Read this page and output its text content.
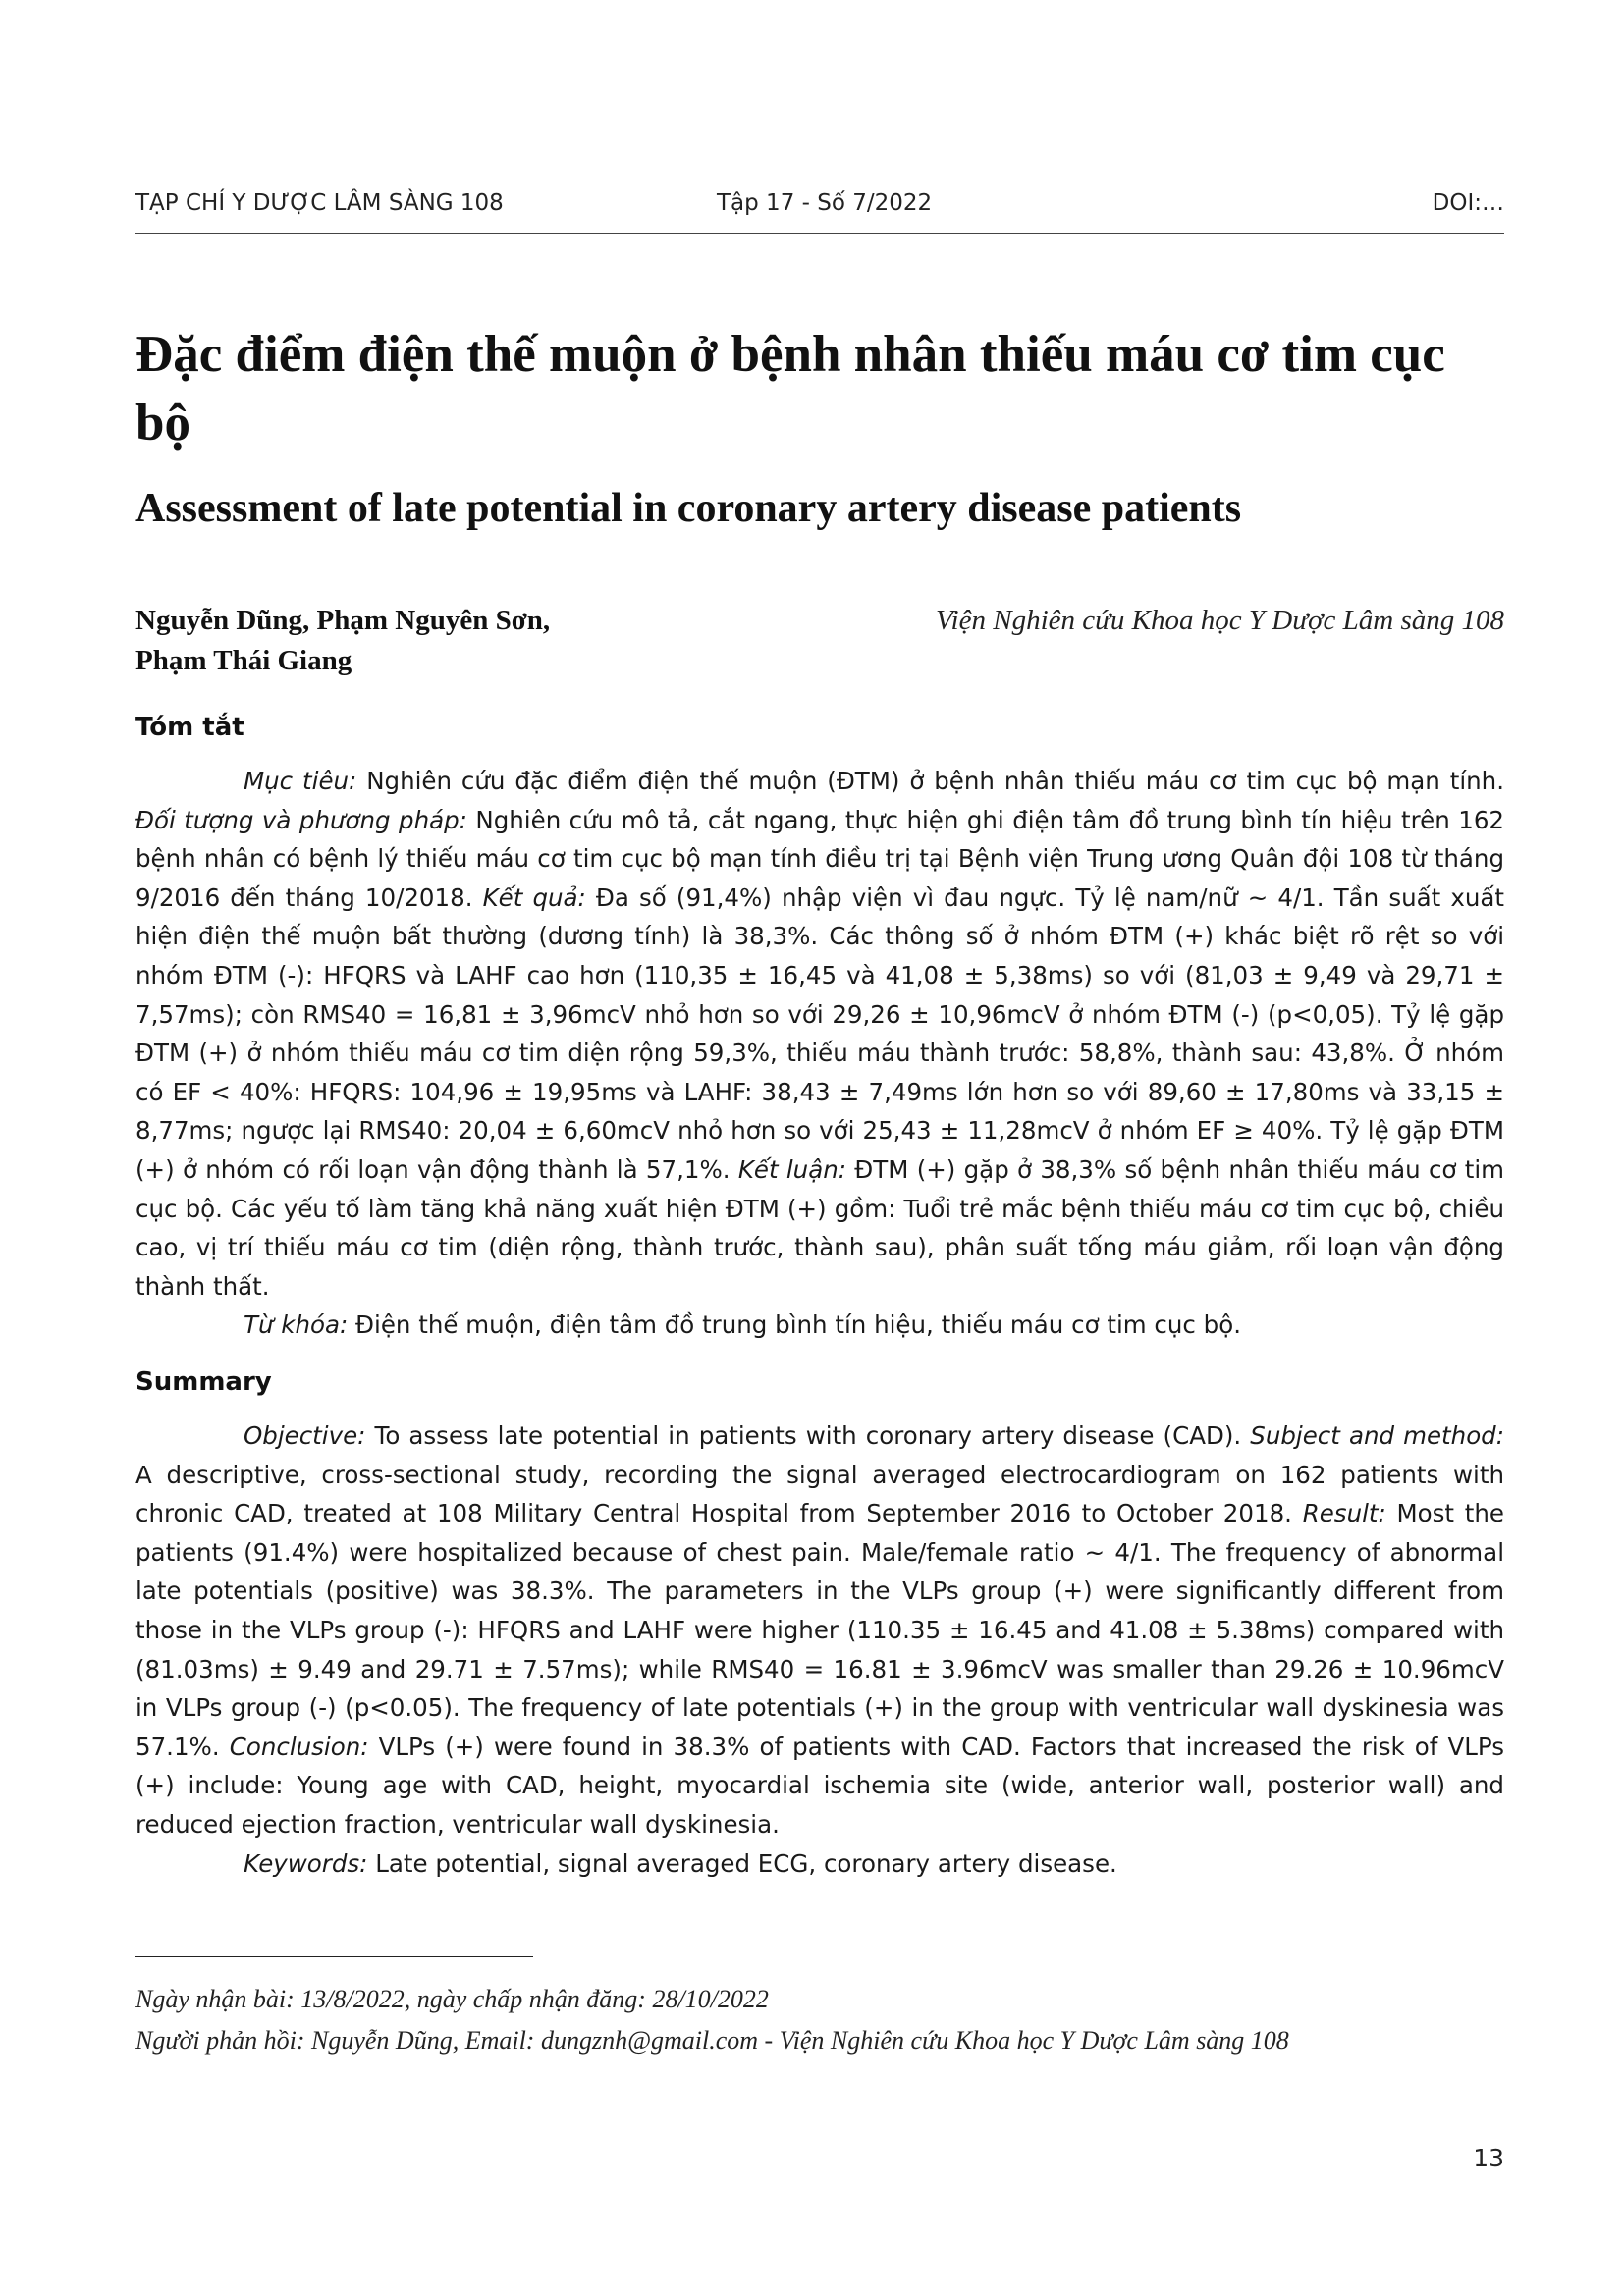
TẠP CHÍ Y DƯỢC LÂM SÀNG 108	Tập 17 - Số 7/2022	DOI:…
Đặc điểm điện thế muộn ở bệnh nhân thiếu máu cơ tim cục bộ
Assessment of late potential in coronary artery disease patients
Nguyễn Dũng, Phạm Nguyên Sơn,
Phạm Thái Giang
Viện Nghiên cứu Khoa học Y Dược Lâm sàng 108
Tóm tắt

Mục tiêu: Nghiên cứu đặc điểm điện thế muộn (ĐTM) ở bệnh nhân thiếu máu cơ tim cục bộ mạn tính. Đối tượng và phương pháp: Nghiên cứu mô tả, cắt ngang, thực hiện ghi điện tâm đồ trung bình tín hiệu trên 162 bệnh nhân có bệnh lý thiếu máu cơ tim cục bộ mạn tính điều trị tại Bệnh viện Trung ương Quân đội 108 từ tháng 9/2016 đến tháng 10/2018. Kết quả: Đa số (91,4%) nhập viện vì đau ngực. Tỷ lệ nam/nữ ~ 4/1. Tần suất xuất hiện điện thế muộn bất thường (dương tính) là 38,3%. Các thông số ở nhóm ĐTM (+) khác biệt rõ rệt so với nhóm ĐTM (-): HFQRS và LAHF cao hơn (110,35 ± 16,45 và 41,08 ± 5,38ms) so với (81,03 ± 9,49 và 29,71 ± 7,57ms); còn RMS40 = 16,81 ± 3,96mcV nhỏ hơn so với 29,26 ± 10,96mcV ở nhóm ĐTM (-) (p<0,05). Tỷ lệ gặp ĐTM (+) ở nhóm thiếu máu cơ tim diện rộng 59,3%, thiếu máu thành trước: 58,8%, thành sau: 43,8%. Ở nhóm có EF < 40%: HFQRS: 104,96 ± 19,95ms và LAHF: 38,43 ± 7,49ms lớn hơn so với 89,60 ± 17,80ms và 33,15 ± 8,77ms; ngược lại RMS40: 20,04 ± 6,60mcV nhỏ hơn so với 25,43 ± 11,28mcV ở nhóm EF ≥ 40%. Tỷ lệ gặp ĐTM (+) ở nhóm có rối loạn vận động thành là 57,1%. Kết luận: ĐTM (+) gặp ở 38,3% số bệnh nhân thiếu máu cơ tim cục bộ. Các yếu tố làm tăng khả năng xuất hiện ĐTM (+) gồm: Tuổi trẻ mắc bệnh thiếu máu cơ tim cục bộ, chiều cao, vị trí thiếu máu cơ tim (diện rộng, thành trước, thành sau), phân suất tống máu giảm, rối loạn vận động thành thất.

Từ khóa: Điện thế muộn, điện tâm đồ trung bình tín hiệu, thiếu máu cơ tim cục bộ.

Summary

Objective: To assess late potential in patients with coronary artery disease (CAD). Subject and method: A descriptive, cross-sectional study, recording the signal averaged electrocardiogram on 162 patients with chronic CAD, treated at 108 Military Central Hospital from September 2016 to October 2018. Result: Most the patients (91.4%) were hospitalized because of chest pain. Male/female ratio ~ 4/1. The frequency of abnormal late potentials (positive) was 38.3%. The parameters in the VLPs group (+) were significantly different from those in the VLPs group (-): HFQRS and LAHF were higher (110.35 ± 16.45 and 41.08 ± 5.38ms) compared with (81.03ms) ± 9.49 and 29.71 ± 7.57ms); while RMS40 = 16.81 ± 3.96mcV was smaller than 29.26 ± 10.96mcV in VLPs group (-) (p<0.05). The frequency of late potentials (+) in the group with ventricular wall dyskinesia was 57.1%. Conclusion: VLPs (+) were found in 38.3% of patients with CAD. Factors that increased the risk of VLPs (+) include: Young age with CAD, height, myocardial ischemia site (wide, anterior wall, posterior wall) and reduced ejection fraction, ventricular wall dyskinesia.

Keywords: Late potential, signal averaged ECG, coronary artery disease.

Ngày nhận bài: 13/8/2022, ngày chấp nhận đăng: 28/10/2022
Người phản hồi: Nguyễn Dũng, Email: dungznh@gmail.com - Viện Nghiên cứu Khoa học Y Dược Lâm sàng 108
13
